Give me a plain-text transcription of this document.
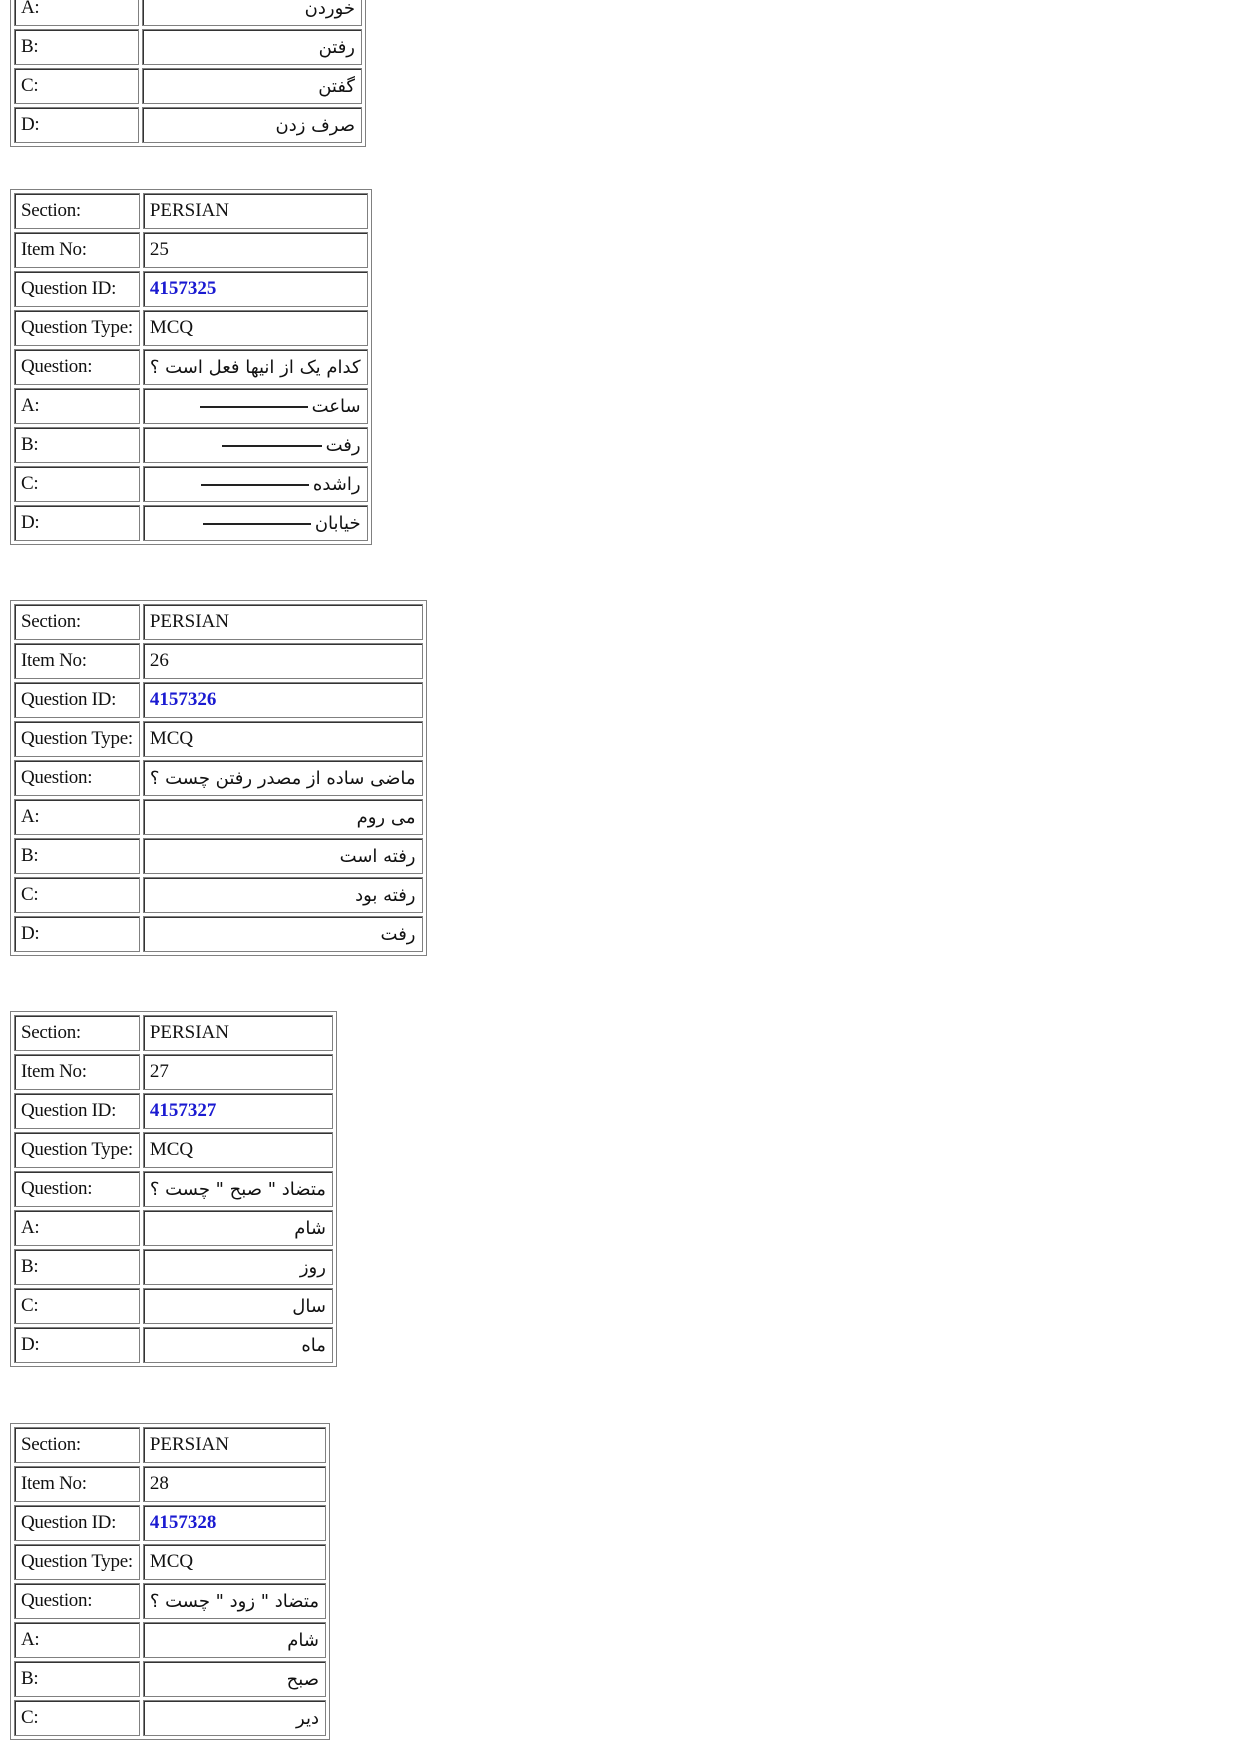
A:	خوردن
B:	رفتن
C:	گفتن
D:	صرف زدن
Section:	PERSIAN
Item No:	25
Question ID:	4157325
Question Type:	MCQ
Question:	کدام یک از انیها فعل است ؟
A:	ساعت
B:	رفت
C:	راشده
D:	خیابان
Section:	PERSIAN
Item No:	26
Question ID:	4157326
Question Type:	MCQ
Question:	ماضی ساده از مصدر رفتن چست ؟
A:	می روم
B:	رفته است
C:	رفته بود
D:	رفت
Section:	PERSIAN
Item No:	27
Question ID:	4157327
Question Type:	MCQ
Question:	متضاد " صبح " چست ؟
A:	شام
B:	روز
C:	سال
D:	ماه
Section:	PERSIAN
Item No:	28
Question ID:	4157328
Question Type:	MCQ
Question:	متضاد " زود " چست ؟
A:	شام
B:	صبح
C:	دیر
